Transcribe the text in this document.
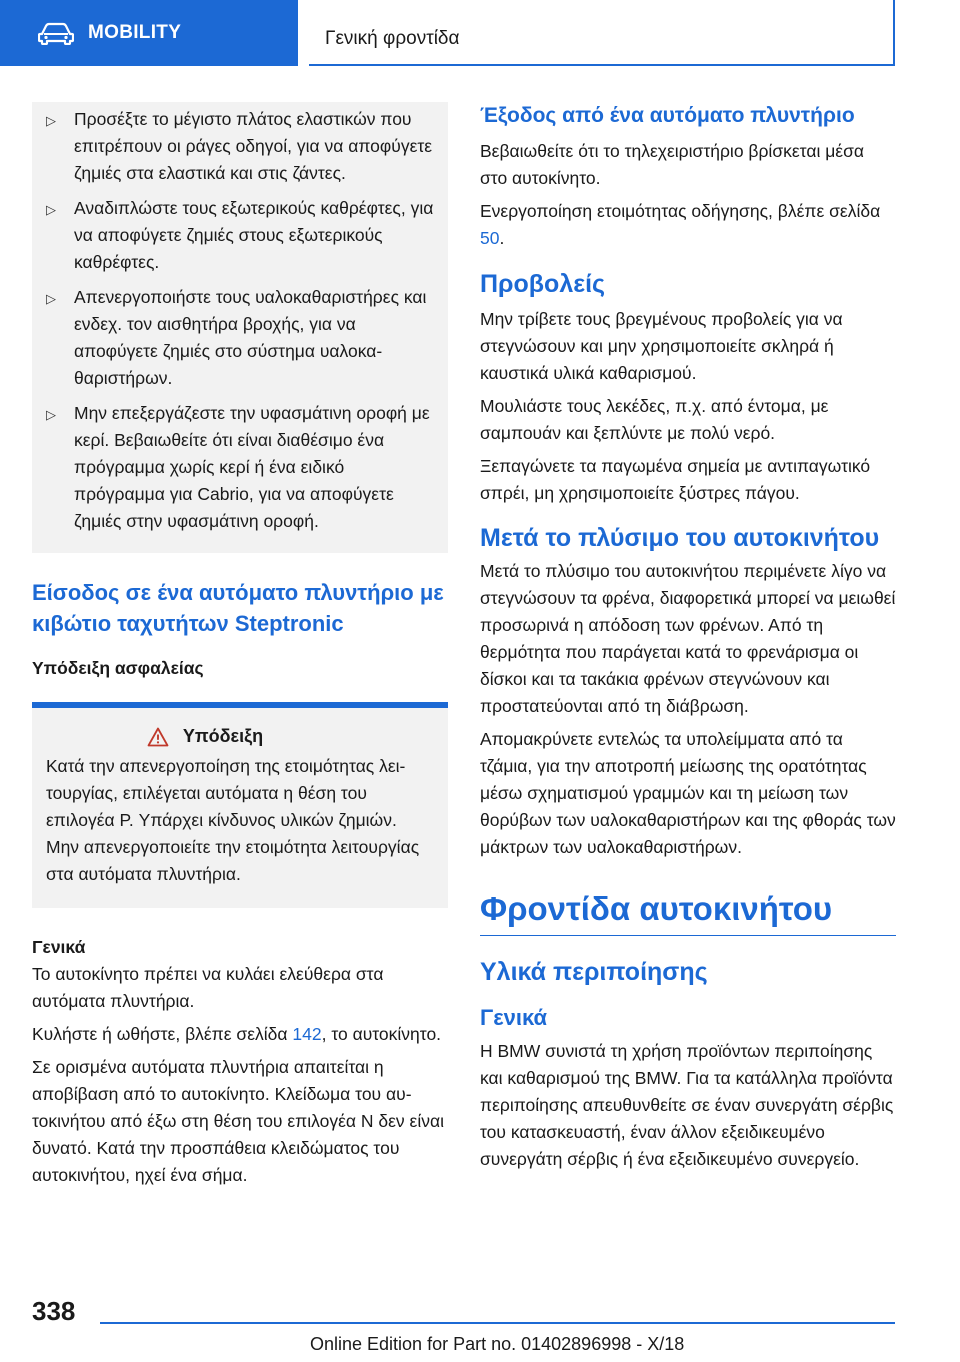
MOBILITY	Γενική φροντίδα
▷	Προσέξτε το μέγιστο πλάτος ελαστικών που επιτρέπουν οι ράγες οδηγοί, για να αποφύγετε ζημιές στα ελαστικά και στις ζάντες.
▷	Αναδιπλώστε τους εξωτερικούς καθρέφτες, για να αποφύγετε ζημιές στους εξωτερικούς καθρέφτες.
▷	Απενεργοποιήστε τους υαλοκαθαριστήρες και ενδεχ. τον αισθητήρα βροχής, για να αποφύγετε ζημιές στο σύστημα υαλοκαθαριστήρων.
▷	Μην επεξεργάζεστε την υφασμάτινη οροφή με κερί. Βεβαιωθείτε ότι είναι διαθέσιμο ένα πρόγραμμα χωρίς κερί ή ένα ειδικό πρόγραμμα για Cabrio, για να αποφύγετε ζημιές στην υφασμάτινη οροφή.
Είσοδος σε ένα αυτόματο πλυντήριο με κιβώτιο ταχυτήτων Steptronic
Υπόδειξη ασφαλείας
Υπόδειξη

Κατά την απενεργοποίηση της ετοιμότητας λειτουργίας, επιλέγεται αυτόματα η θέση του επιλογέα P. Υπάρχει κίνδυνος υλικών ζημιών. Μην απενεργοποιείτε την ετοιμότητα λειτουργίας στα αυτόματα πλυντήρια.

Γενικά

Το αυτοκίνητο πρέπει να κυλάει ελεύθερα στα αυτόματα πλυντήρια.

Κυλήστε ή ωθήστε, βλέπε σελίδα 142, το αυτοκίνητο.

Σε ορισμένα αυτόματα πλυντήρια απαιτείται η αποβίβαση από το αυτοκίνητο. Κλείδωμα του αυτοκινήτου από έξω στη θέση του επιλογέα N δεν είναι δυνατό. Κατά την προσπάθεια κλειδώματος του αυτοκινήτου, ηχεί ένα σήμα.

Έξοδος από ένα αυτόματο πλυντήριο

Βεβαιωθείτε ότι το τηλεχειριστήριο βρίσκεται μέσα στο αυτοκίνητο.

Ενεργοποίηση ετοιμότητας οδήγησης, βλέπε σελίδα 50.

Προβολείς

Μην τρίβετε τους βρεγμένους προβολείς για να στεγνώσουν και μην χρησιμοποιείτε σκληρά ή καυστικά υλικά καθαρισμού.

Μουλιάστε τους λεκέδες, π.χ. από έντομα, με σαμπουάν και ξεπλύντε με πολύ νερό.

Ξεπαγώνετε τα παγωμένα σημεία με αντιπαγωτικό σπρέι, μη χρησιμοποιείτε ξύστρες πάγου.

Μετά το πλύσιμο του αυτοκινήτου

Μετά το πλύσιμο του αυτοκινήτου περιμένετε λίγο να στεγνώσουν τα φρένα, διαφορετικά μπορεί να μειωθεί προσωρινά η απόδοση των φρένων. Από τη θερμότητα που παράγεται κατά το φρενάρισμα οι δίσκοι και τα τακάκια φρένων στεγνώνουν και προστατεύονται από τη διάβρωση.

Απομακρύνετε εντελώς τα υπολείμματα από τα τζάμια, για την αποτροπή μείωσης της ορατότητας μέσω σχηματισμού γραμμών και τη μείωση των θορύβων των υαλοκαθαριστήρων και της φθοράς των μάκτρων των υαλοκαθαριστήρων.

Φροντίδα αυτοκινήτου
Υλικά περιποίησης
Γενικά

Η BMW συνιστά τη χρήση προϊόντων περιποίησης και καθαρισμού της BMW. Για τα κατάλληλα προϊόντα περιποίησης απευθυνθείτε σε έναν συνεργάτη σέρβις του κατασκευαστή, έναν άλλον εξειδικευμένο συνεργάτη σέρβις ή ένα εξειδικευμένο συνεργείο.

338
Online Edition for Part no. 01402896998 - X/18
